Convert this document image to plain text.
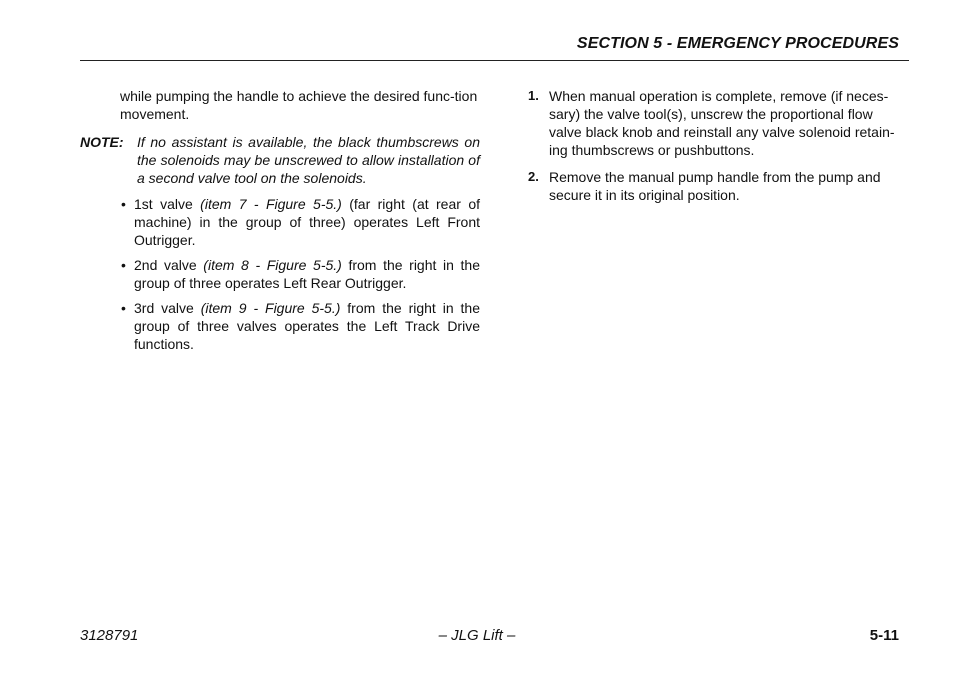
SECTION 5 - EMERGENCY PROCEDURES
while pumping the handle to achieve the desired func-tion movement.
NOTE: If no assistant is available, the black thumbscrews on the solenoids may be unscrewed to allow installation of a second valve tool on the solenoids.
• 1st valve (item 7 - Figure 5-5.) (far right (at rear of machine) in the group of three) operates Left Front Outrigger.
• 2nd valve (item 8 - Figure 5-5.) from the right in the group of three operates Left Rear Outrigger.
• 3rd valve (item 9 - Figure 5-5.) from the right in the group of three valves operates the Left Track Drive functions.
1. When manual operation is complete, remove (if neces-sary) the valve tool(s), unscrew the proportional flow valve black knob and reinstall any valve solenoid retain-ing thumbscrews or pushbuttons.
2. Remove the manual pump handle from the pump and secure it in its original position.
– JLG Lift –
3128791	5-11
